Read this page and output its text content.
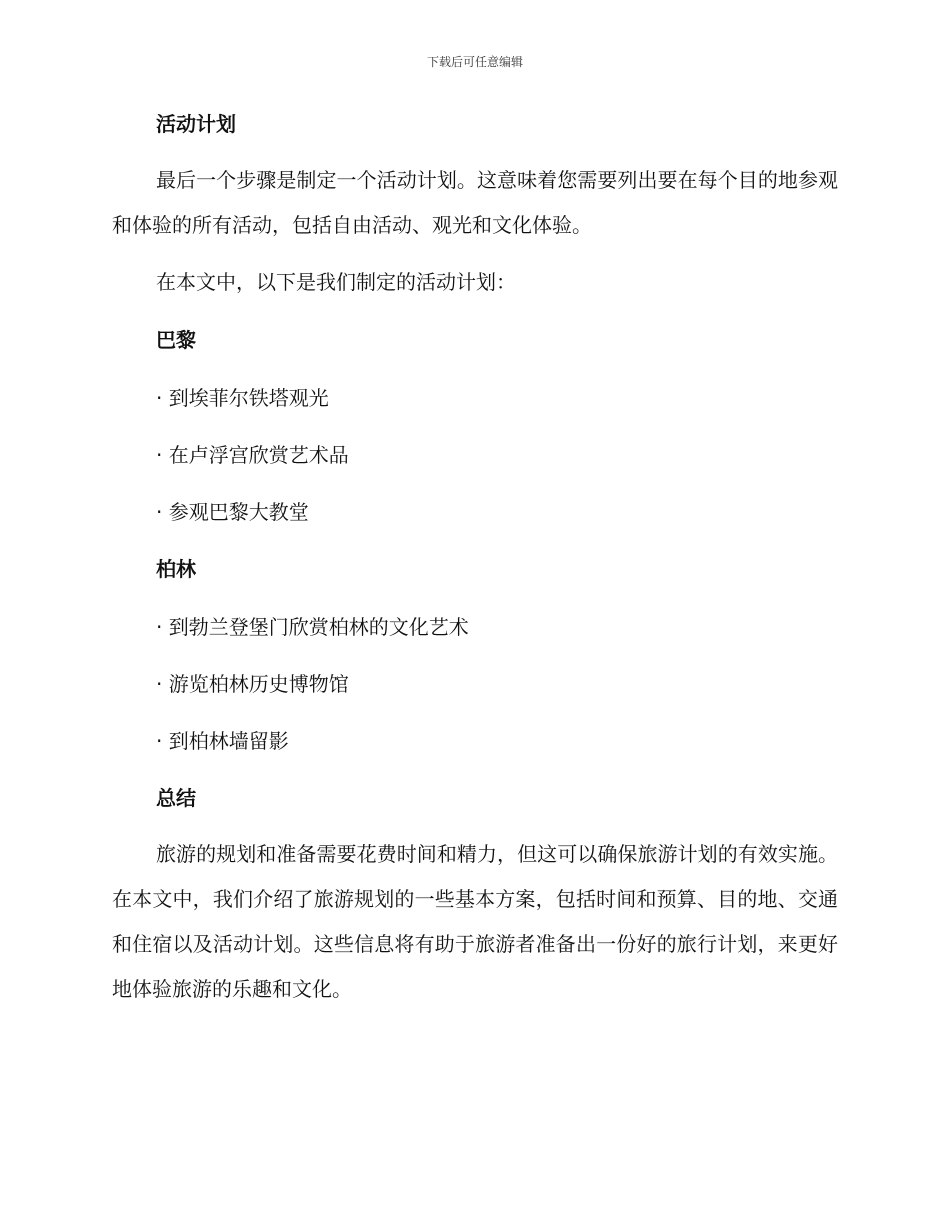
下载后可任意编辑
活动计划

最后一个步骤是制定一个活动计划。这意味着您需要列出要在每个目的地参观和体验的所有活动，包括自由活动、观光和文化体验。

在本文中，以下是我们制定的活动计划：

巴黎
· 到埃菲尔铁塔观光
· 在卢浮宫欣赏艺术品
· 参观巴黎大教堂
柏林
· 到勃兰登堡门欣赏柏林的文化艺术
· 游览柏林历史博物馆
· 到柏林墙留影
总结

旅游的规划和准备需要花费时间和精力，但这可以确保旅游计划的有效实施。在本文中，我们介绍了旅游规划的一些基本方案，包括时间和预算、目的地、交通和住宿以及活动计划。这些信息将有助于旅游者准备出一份好的旅行计划，来更好地体验旅游的乐趣和文化。
